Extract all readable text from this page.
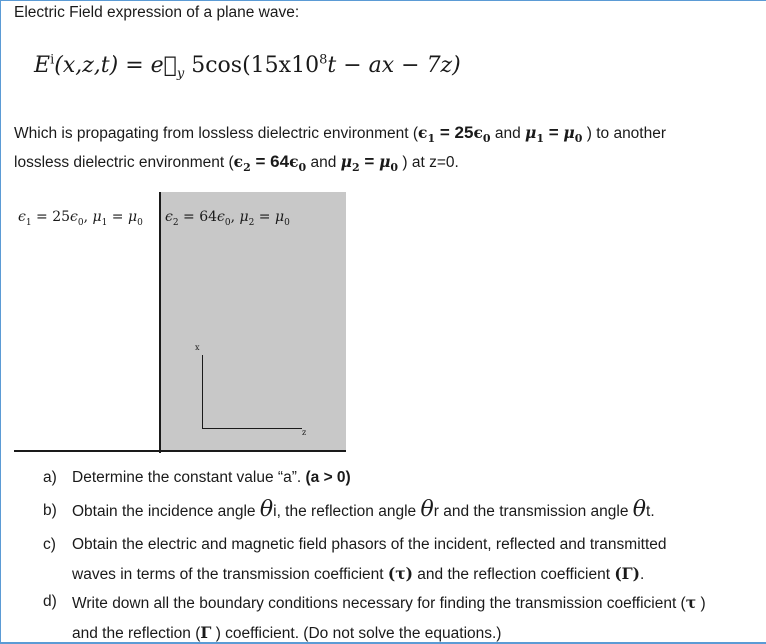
Electric Field expression of a plane wave:
$E^i(x,z,t)$ = $e⃗_y$ $5\cos(15x10^8t$ − ax − 7z)
Which is propagating from lossless dielectric environment ($\epsilon_1 = 25\epsilon_0$ and $\mu_1 = \mu_0$ ) to another
lossless dielectric environment ($\epsilon_2 = 64\epsilon_0$ and $\mu_2 = \mu_0$ ) at z=0.
$\epsilon_1 = 25\epsilon_0$, $\mu_1 = \mu_0$ $\epsilon_2 = 64\epsilon_0$, $\mu_2 = \mu_0$
x
z
a) Determine the constant value “a”. (a > 0)
b) Obtain the incidence angle θi, the reflection angle θr and the transmission angle θt.
c) Obtain the electric and magnetic field phasors of the incident, reflected and transmitted
waves in terms of the transmission coefficient (τ) and the reflection coefficient (Γ).
d) Write down all the boundary conditions necessary for finding the transmission coefficient (τ )
and the reflection (Γ ) coefficient. (Do not solve the equations.)
